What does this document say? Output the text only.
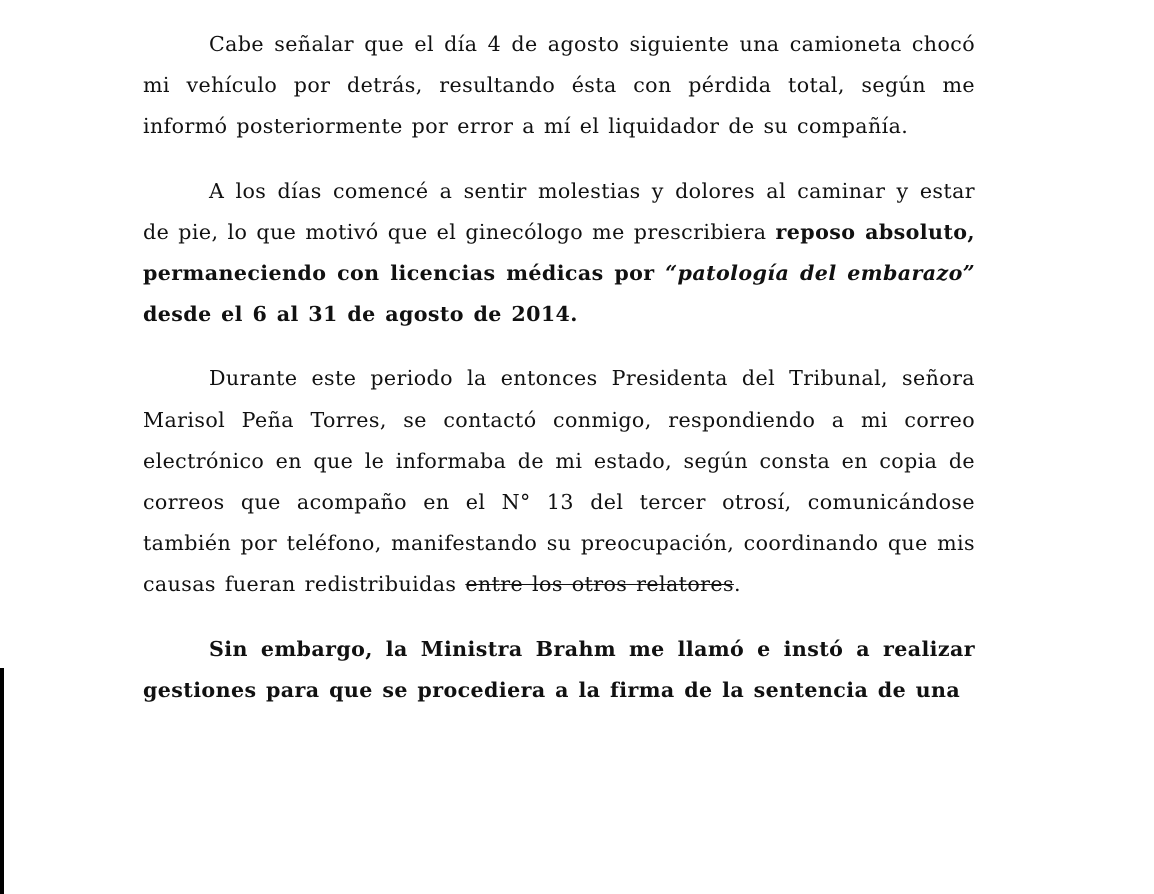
Cabe señalar que el día 4 de agosto siguiente una camioneta chocó mi vehículo por detrás, resultando ésta con pérdida total, según me informó posteriormente por error a mí el liquidador de su compañía.

A los días comencé a sentir molestias y dolores al caminar y estar de pie, lo que motivó que el ginecólogo me prescribiera reposo absoluto, permaneciendo con licencias médicas por “patología del embarazo” desde el 6 al 31 de agosto de 2014.

Durante este periodo la entonces Presidenta del Tribunal, señora Marisol Peña Torres, se contactó conmigo, respondiendo a mi correo electrónico en que le informaba de mi estado, según consta en copia de correos que acompaño en el N° 13 del tercer otrosí, comunicándose también por teléfono, manifestando su preocupación, coordinando que mis causas fueran redistribuidas entre los otros relatores.

Sin embargo, la Ministra Brahm me llamó e instó a realizar gestiones para que se procediera a la firma de la sentencia de una
